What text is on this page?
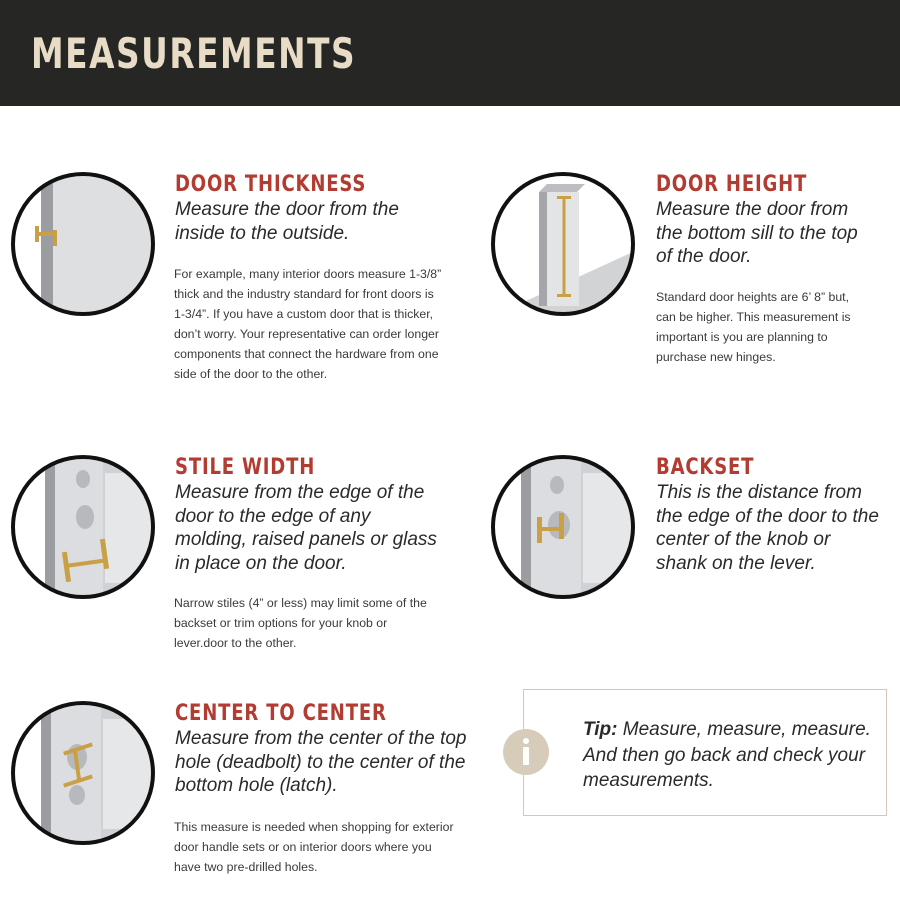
MEASUREMENTS
DOOR THICKNESS

Measure the door from the inside to the outside.

For example, many interior doors measure 1-3/8” thick and the industry standard for front doors is 1-3/4”. If you have a custom door that is thicker, don’t worry. Your representative can order longer components that connect the hardware from one side of the door to the other.

DOOR HEIGHT

Measure the door from the bottom sill to the top of the door.

Standard door heights are 6’ 8” but, can be higher. This measurement is important is you are planning to purchase new hinges.

STILE WIDTH

Measure from the edge of the door to the edge of any molding, raised panels or glass in place on the door.

Narrow stiles (4” or less) may limit some of the backset or trim options for your knob or lever.door to the other.

BACKSET

This is the distance from the edge of the door to the center of the knob or shank on the lever.

CENTER TO CENTER

Measure from the center of the top hole (deadbolt) to the center of the bottom hole (latch).

This measure is needed when shopping for exterior door handle sets or on interior doors where you have two pre-drilled holes.

Tip: Measure, measure, measure. And then go back and check your measurements.
